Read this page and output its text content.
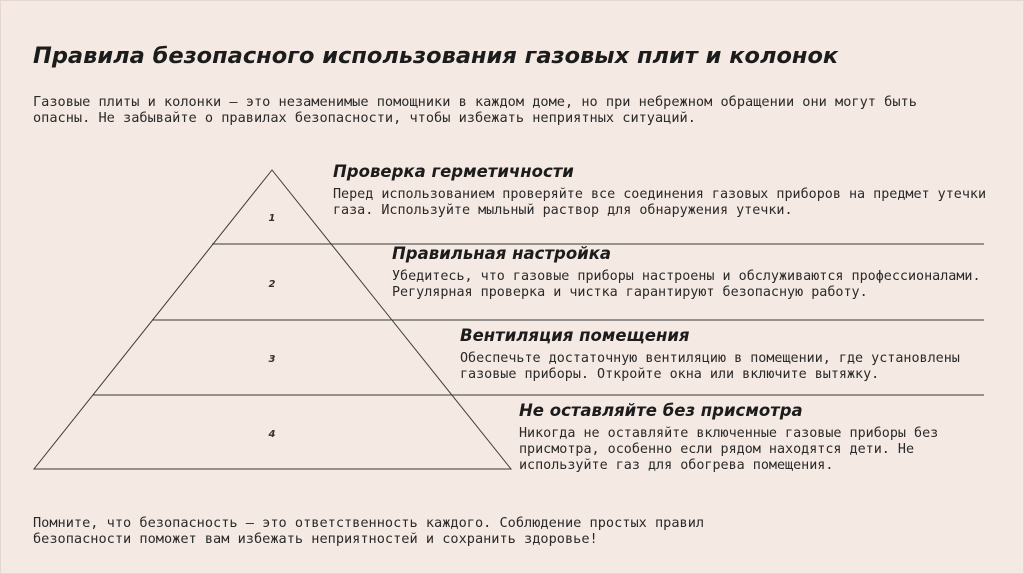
Правила безопасного использования газовых плит и колонок

Газовые плиты и колонки – это незаменимые помощники в каждом доме, но при небрежном обращении они могут быть опасны. Не забывайте о правилах безопасности, чтобы избежать неприятных ситуаций.

1
2
3
4
Проверка герметичности

Перед использованием проверяйте все соединения газовых приборов на предмет утечки газа. Используйте мыльный раствор для обнаружения утечки.

Правильная настройка

Убедитесь, что газовые приборы настроены и обслуживаются профессионалами. Регулярная проверка и чистка гарантируют безопасную работу.

Вентиляция помещения

Обеспечьте достаточную вентиляцию в помещении, где установлены газовые приборы. Откройте окна или включите вытяжку.

Не оставляйте без присмотра

Никогда не оставляйте включенные газовые приборы без присмотра, особенно если рядом находятся дети. Не используйте газ для обогрева помещения.

Помните, что безопасность – это ответственность каждого. Соблюдение простых правил безопасности поможет вам избежать неприятностей и сохранить здоровье!
